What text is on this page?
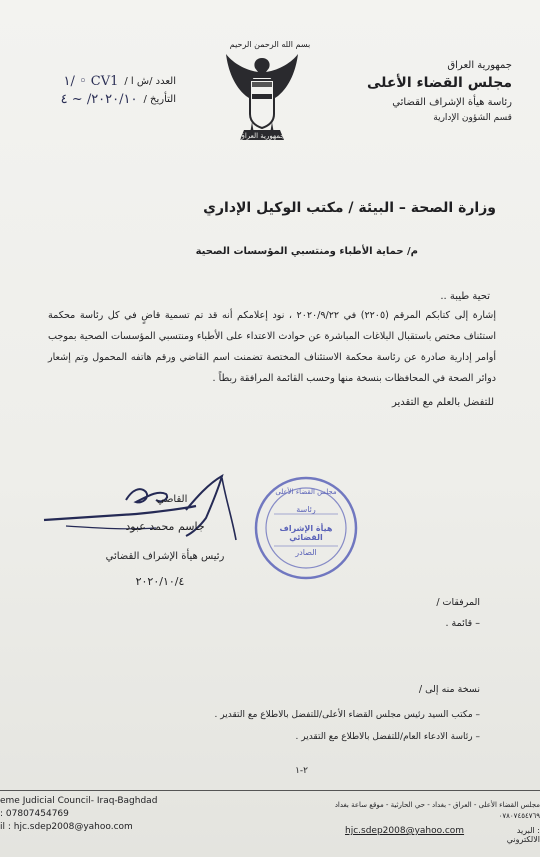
بسم الله الرحمن الرحيم
جمهورية العراق
جمهورية العراق
مجلس القضاء الأعلى
رئاسة هيأة الإشراف القضائي
قسم الشؤون الإدارية
العدد /ش ا /
CV1 ◦ /١
التأريخ /
٢٠٢٠/١٠/ ~ ٤
وزارة الصحة – البيئة / مكتب الوكيل الإداري
م/ حماية الأطباء ومنتسبي المؤسسات الصحية
تحية طيبة ..
إشارة إلى كتابكم المرقم (٢٢٠٥) في ٢٠٢٠/٩/٢٢ ، نود إعلامكم أنه قد تم تسمية قاضٍ في كل رئاسة محكمة استئناف مختص باستقبال البلاغات المباشرة عن حوادث الاعتداء على الأطباء ومنتسبي المؤسسات الصحية بموجب أوامر إدارية صادرة عن رئاسة محكمة الاستئناف المختصة تضمنت اسم القاضي ورقم هاتفه المحمول وتم إشعار دوائر الصحة في المحافظات بنسخة منها وحسب القائمة المرافقة ربطاً .
للتفضل بالعلم مع التقدير
القاضي
جاسم محمد عبود
رئيس هيأة الإشراف القضائي
٢٠٢٠/١٠/٤
مجلس القضاء الأعلى
رئاسة
هيأة الإشراف القضائي
الصادر
المرفقات /
– قائمة .
نسخة منه إلى /
– مكتب السيد رئيس مجلس القضاء الأعلى/للتفضل بالاطلاع مع التقدير .
– رئاسة الادعاء العام/للتفضل بالاطلاع مع التقدير .
٢-١
eme Judicial Council- Iraq-Baghdad
: 07807454769
il : hjc.sdep2008@yahoo.com
مجلس القضاء الأعلى - العراق - بغداد - حي الحارثية - موقع ساعة بغداد
٠٧٨٠٧٤٥٤٧٦٩
hjc.sdep2008@yahoo.com	: البريد الالكتروني
